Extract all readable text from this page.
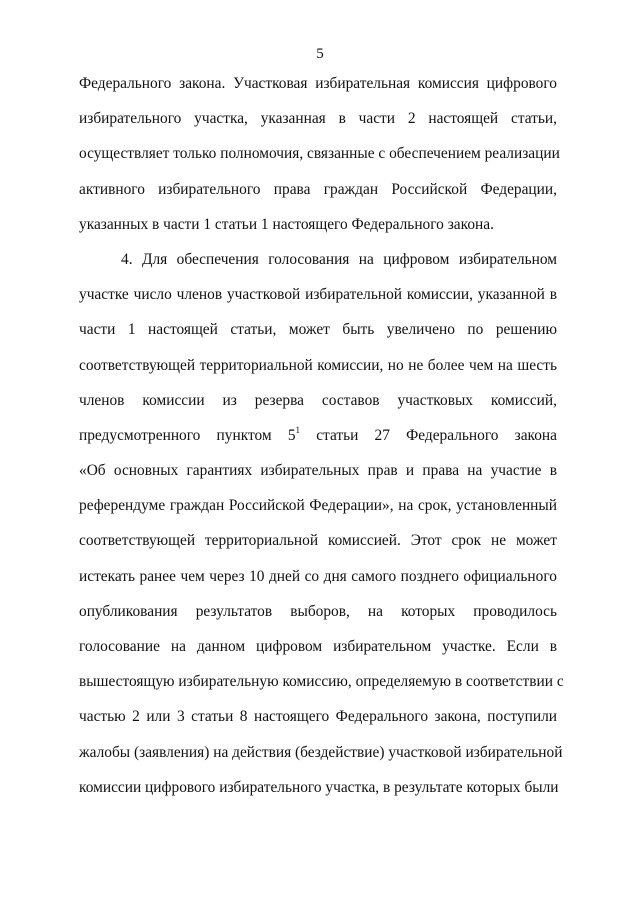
5
Федерального закона. Участковая избирательная комиссия цифрового
избирательного участка, указанная в части 2 настоящей статьи,
осуществляет только полномочия, связанные с обеспечением реализации
активного избирательного права граждан Российской Федерации,
указанных в части 1 статьи 1 настоящего Федерального закона.
4. Для обеспечения голосования на цифровом избирательном
участке число членов участковой избирательной комиссии, указанной в
части 1 настоящей статьи, может быть увеличено по решению
соответствующей территориальной комиссии, но не более чем на шесть
членов комиссии из резерва составов участковых комиссий,
предусмотренного пунктом $5^1$ статьи 27 Федерального закона
«Об основных гарантиях избирательных прав и права на участие в
референдуме граждан Российской Федерации», на срок, установленный
соответствующей территориальной комиссией. Этот срок не может
истекать ранее чем через 10 дней со дня самого позднего официального
опубликования результатов выборов, на которых проводилось
голосование на данном цифровом избирательном участке. Если в
вышестоящую избирательную комиссию, определяемую в соответствии с
частью 2 или 3 статьи 8 настоящего Федерального закона, поступили
жалобы (заявления) на действия (бездействие) участковой избирательной
комиссии цифрового избирательного участка, в результате которых были
